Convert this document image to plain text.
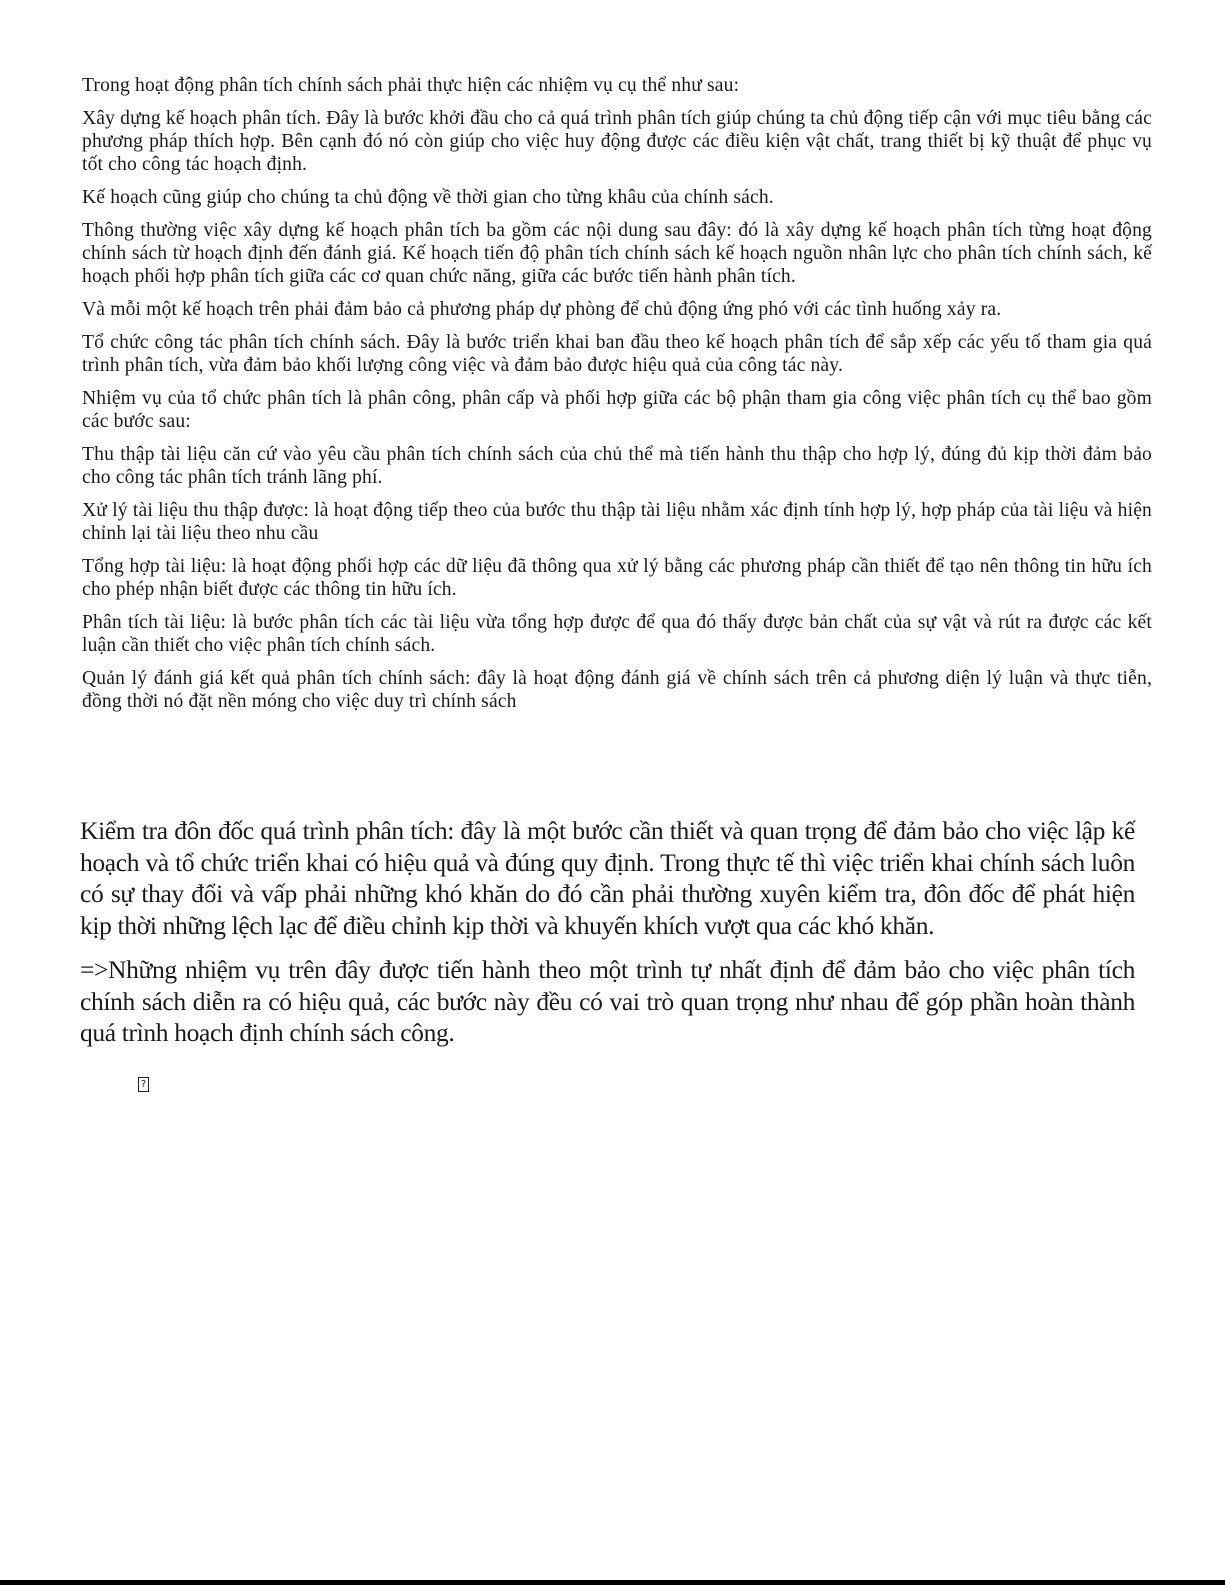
Trong hoạt động phân tích chính sách phải thực hiện các nhiệm vụ cụ thể như sau:

Xây dựng kế hoạch phân tích. Đây là bước khởi đầu cho cả quá trình phân tích giúp chúng ta chủ động tiếp cận với mục tiêu bằng các phương pháp thích hợp. Bên cạnh đó nó còn giúp cho việc huy động được các điều kiện vật chất, trang thiết bị kỹ thuật để phục vụ tốt cho công tác hoạch định.

Kế hoạch cũng giúp cho chúng ta chủ động về thời gian cho từng khâu của chính sách.

Thông thường việc xây dựng kế hoạch phân tích ba gồm các nội dung sau đây: đó là xây dựng kế hoạch phân tích từng hoạt động chính sách từ hoạch định đến đánh giá. Kế hoạch tiến độ phân tích chính sách kế hoạch nguồn nhân lực cho phân tích chính sách, kế hoạch phối hợp phân tích giữa các cơ quan chức năng, giữa các bước tiến hành phân tích.

Và mỗi một kế hoạch trên phải đảm bảo cả phương pháp dự phòng để chủ động ứng phó với các tình huống xảy ra.

Tổ chức công tác phân tích chính sách. Đây là bước triển khai ban đầu theo kế hoạch phân tích để sắp xếp các yếu tố tham gia quá trình phân tích, vừa đảm bảo khối lượng công việc và đảm bảo được hiệu quả của công tác này.

Nhiệm vụ của tổ chức phân tích là phân công, phân cấp và phối hợp giữa các bộ phận tham gia công việc phân tích cụ thể bao gồm các bước sau:

Thu thập tài liệu căn cứ vào yêu cầu phân tích chính sách của chủ thể mà tiến hành thu thập cho hợp lý, đúng đủ kịp thời đảm bảo cho công tác phân tích tránh lãng phí.

Xử lý tài liệu thu thập được: là hoạt động tiếp theo của bước thu thập tài liệu nhằm xác định tính hợp lý, hợp pháp của tài liệu và hiện chỉnh lại tài liệu theo nhu cầu

Tổng hợp tài liệu: là hoạt động phối hợp các dữ liệu đã thông qua xử lý bằng các phương pháp cần thiết để tạo nên thông tin hữu ích cho phép nhận biết được các thông tin hữu ích.

Phân tích tài liệu: là bước phân tích các tài liệu vừa tổng hợp được để qua đó thấy được bản chất của sự vật và rút ra được các kết luận cần thiết cho việc phân tích chính sách.

Quản lý đánh giá kết quả phân tích chính sách: đây là hoạt động đánh giá về chính sách trên cả phương diện lý luận và thực tiễn, đồng thời nó đặt nền móng cho việc duy trì chính sách

Kiểm tra đôn đốc quá trình phân tích: đây là một bước cần thiết và quan trọng để đảm bảo cho việc lập kế hoạch và tổ chức triển khai có hiệu quả và đúng quy định. Trong thực tế thì việc triển khai chính sách luôn có sự thay đổi và vấp phải những khó khăn do đó cần phải thường xuyên kiểm tra, đôn đốc để phát hiện kịp thời những lệch lạc để điều chỉnh kịp thời và khuyến khích vượt qua các khó khăn.

=>Những nhiệm vụ trên đây được tiến hành theo một trình tự nhất định để đảm bảo cho việc phân tích chính sách diễn ra có hiệu quả, các bước này đều có vai trò quan trọng như nhau để góp phần hoàn thành quá trình hoạch định chính sách công.

?
